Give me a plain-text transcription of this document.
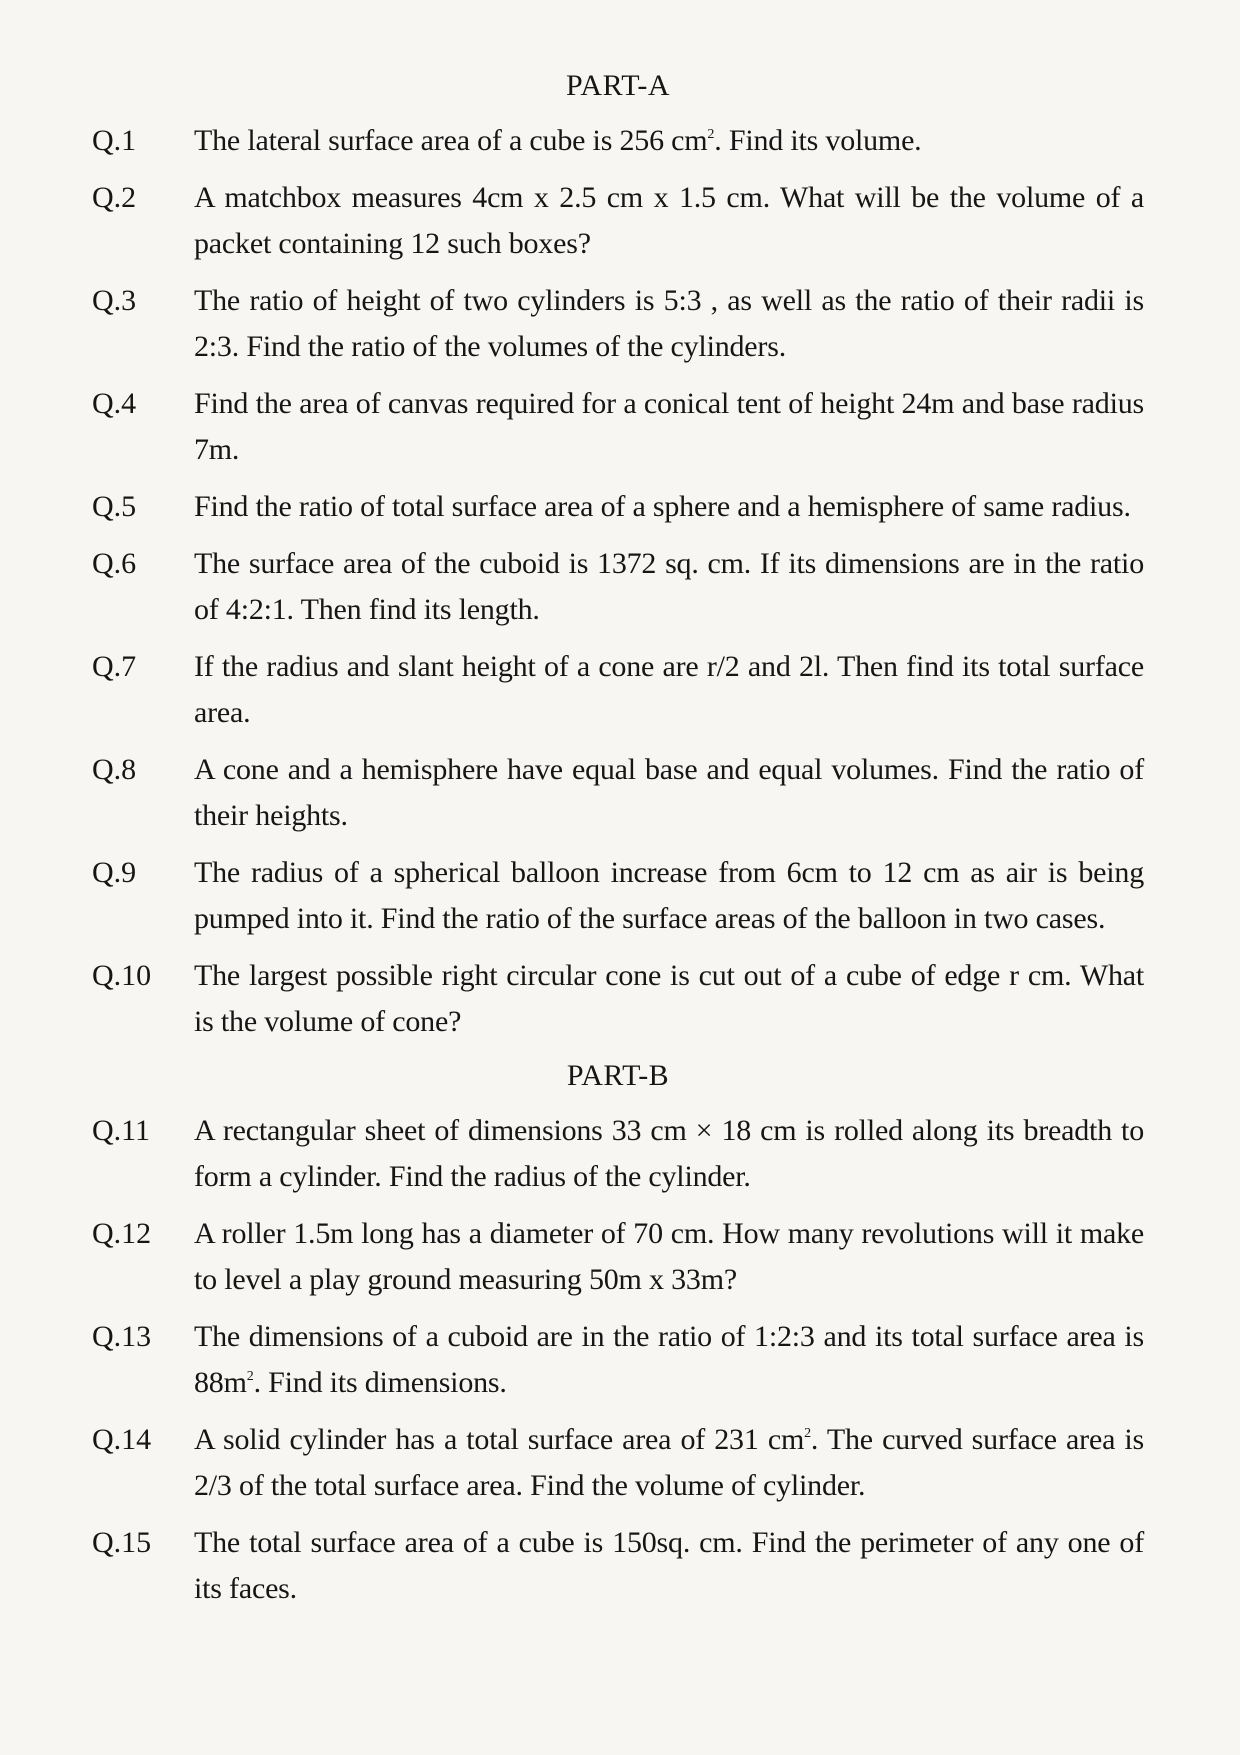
PART-A
Q.1	The lateral surface area of a cube is 256 $cm^2$. Find its volume.
Q.2	A matchbox measures 4cm x 2.5 cm x 1.5 cm. What will be the volume of a packet containing 12 such boxes?
Q.3	The ratio of height of two cylinders is 5:3 , as well as the ratio of their radii is 2:3. Find the ratio of the volumes of the cylinders.
Q.4	Find the area of canvas required for a conical tent of height 24m and base radius 7m.
Q.5	Find the ratio of total surface area of a sphere and a hemisphere of same radius.
Q.6	The surface area of the cuboid is 1372 sq. cm. If its dimensions are in the ratio of 4:2:1. Then find its length.
Q.7	If the radius and slant height of a cone are r/2 and 2l. Then find its total surface area.
Q.8	A cone and a hemisphere have equal base and equal volumes. Find the ratio of their heights.
Q.9	The radius of a spherical balloon increase from 6cm to 12 cm as air is being pumped into it. Find the ratio of the surface areas of the balloon in two cases.
Q.10	The largest possible right circular cone is cut out of a cube of edge r cm. What is the volume of cone?
PART-B
Q.11	A rectangular sheet of dimensions 33 cm × 18 cm is rolled along its breadth to form a cylinder. Find the radius of the cylinder.
Q.12	A roller 1.5m long has a diameter of 70 cm. How many revolutions will it make to level a play ground measuring 50m x 33m?
Q.13	The dimensions of a cuboid are in the ratio of 1:2:3 and its total surface area is $88m^2$. Find its dimensions.
Q.14	A solid cylinder has a total surface area of 231 $cm^2$. The curved surface area is 2/3 of the total surface area. Find the volume of cylinder.
Q.15	The total surface area of a cube is 150sq. cm. Find the perimeter of any one of its faces.
